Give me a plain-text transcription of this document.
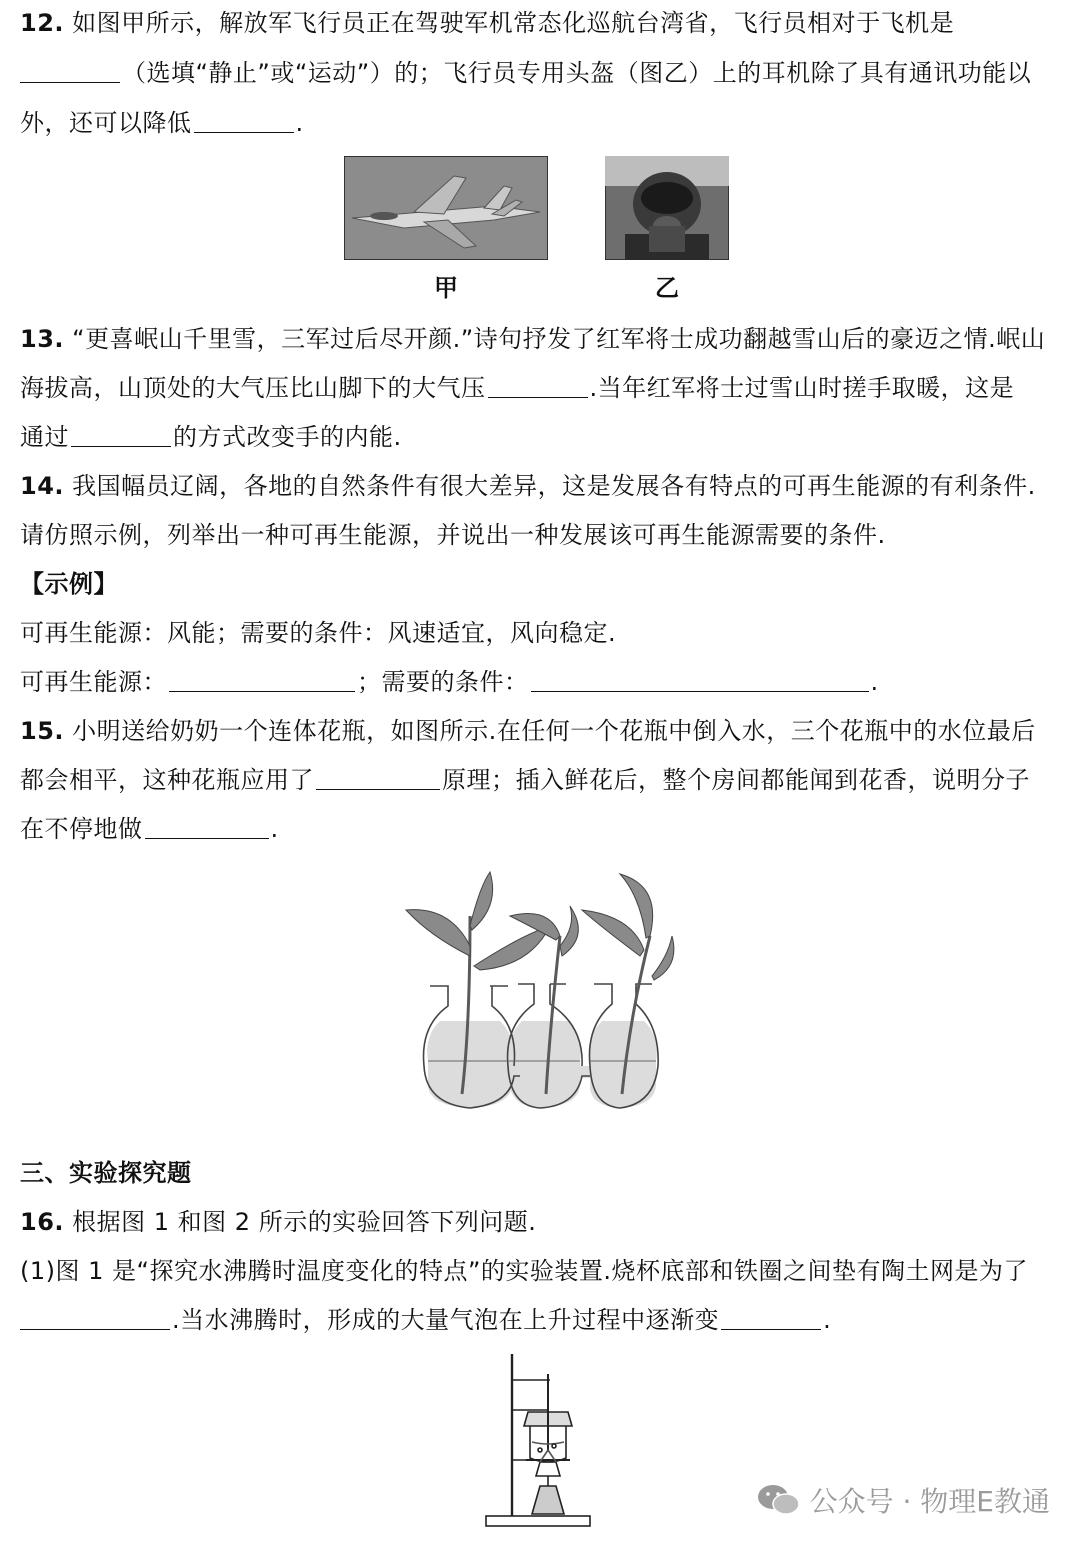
12. 如图甲所示，解放军飞行员正在驾驶军机常态化巡航台湾省，飞行员相对于飞机是
（选填“静止”或“运动”）的；飞行员专用头盔（图乙）上的耳机除了具有通讯功能以
外，还可以降低	.
甲	乙
13. “更喜岷山千里雪，三军过后尽开颜.”诗句抒发了红军将士成功翻越雪山后的豪迈之情.岷山
海拔高，山顶处的大气压比山脚下的大气压	.当年红军将士过雪山时搓手取暖，这是
通过	的方式改变手的内能.
14. 我国幅员辽阔，各地的自然条件有很大差异，这是发展各有特点的可再生能源的有利条件.
请仿照示例，列举出一种可再生能源，并说出一种发展该可再生能源需要的条件.
【示例】
可再生能源：风能；需要的条件：风速适宜，风向稳定.
可再生能源：	；需要的条件：	.
15. 小明送给奶奶一个连体花瓶，如图所示.在任何一个花瓶中倒入水，三个花瓶中的水位最后
都会相平，这种花瓶应用了	原理；插入鲜花后，整个房间都能闻到花香，说明分子
在不停地做	.
三、实验探究题
16. 根据图 1 和图 2 所示的实验回答下列问题.
(1)图 1 是“探究水沸腾时温度变化的特点”的实验装置.烧杯底部和铁圈之间垫有陶土网是为了
.当水沸腾时，形成的大量气泡在上升过程中逐渐变	.
公众号 · 物理E教通
